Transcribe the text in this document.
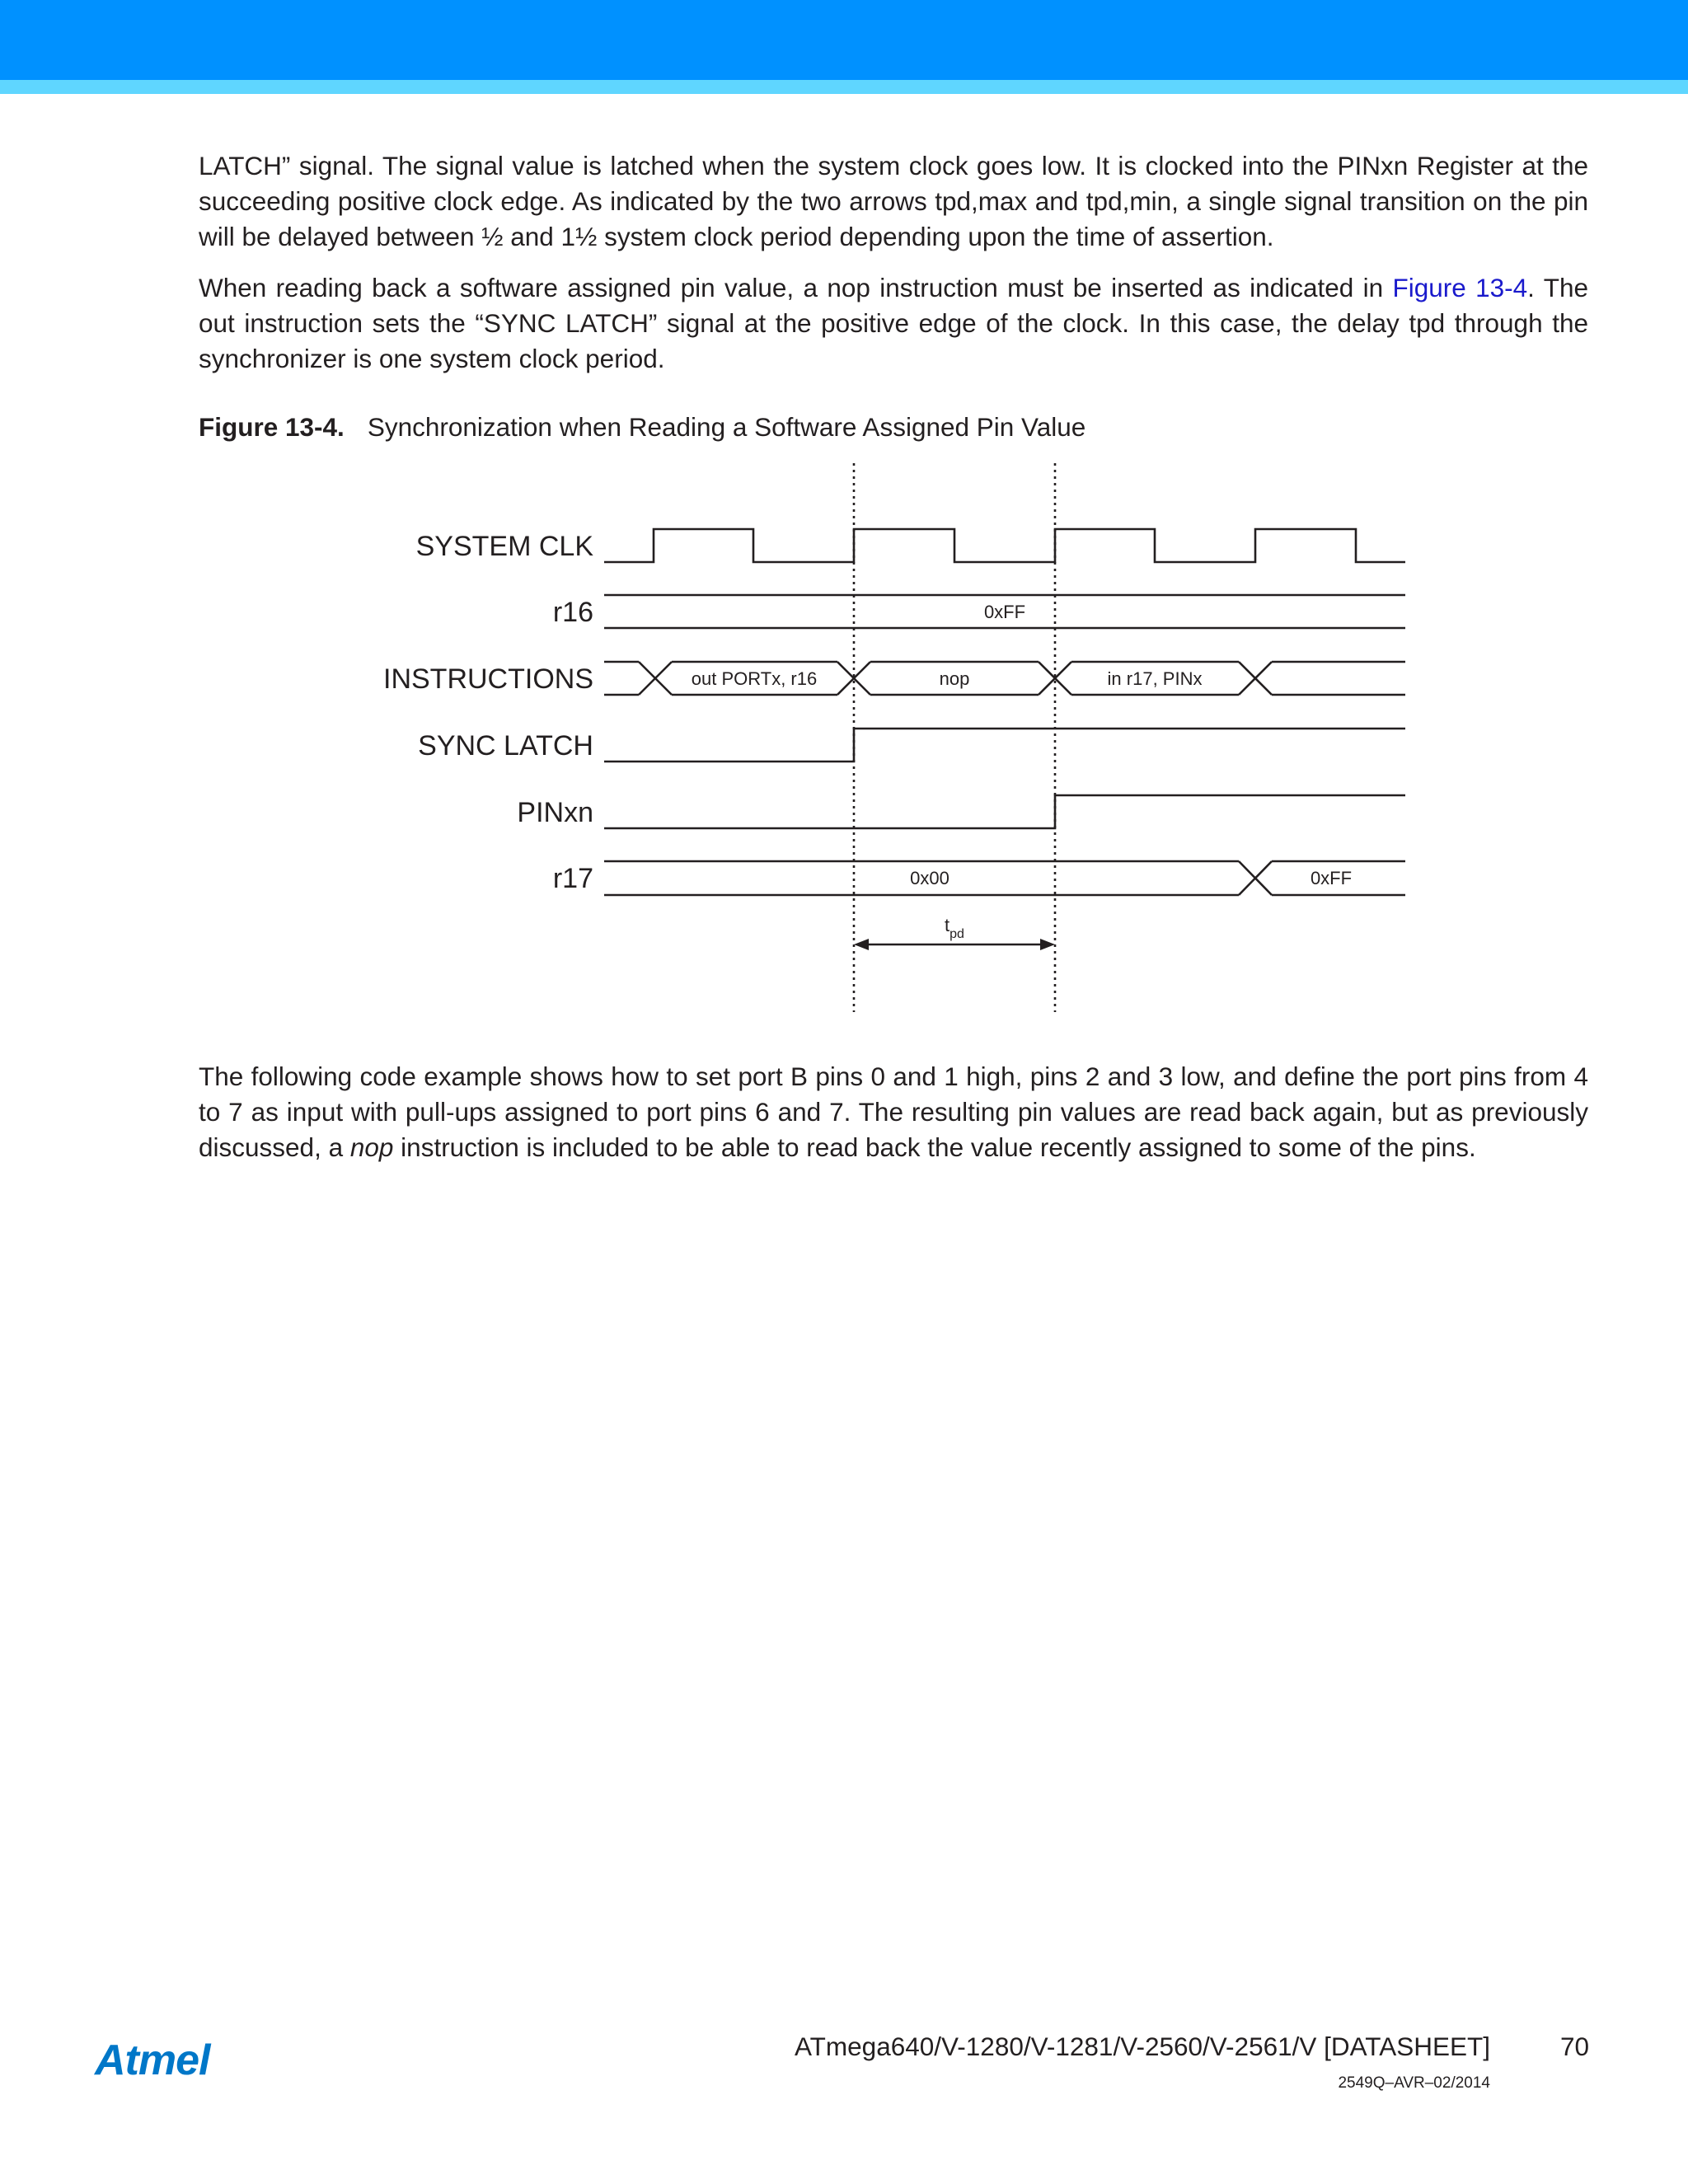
LATCH” signal. The signal value is latched when the system clock goes low. It is clocked into the PINxn Register at the succeeding positive clock edge. As indicated by the two arrows tpd,max and tpd,min, a single signal transition on the pin will be delayed between ½ and 1½ system clock period depending upon the time of assertion.

When reading back a software assigned pin value, a nop instruction must be inserted as indicated in Figure 13-4. The out instruction sets the “SYNC LATCH” signal at the positive edge of the clock. In this case, the delay tpd through the synchronizer is one system clock period.

Figure 13-4. Synchronization when Reading a Software Assigned Pin Value
SYSTEM CLK
r16
INSTRUCTIONS
SYNC LATCH
PINxn
r17
0xFF
out PORTx, r16	nop	in r17, PINx
0x00	0xFF
$t_{pd}$

The following code example shows how to set port B pins 0 and 1 high, pins 2 and 3 low, and define the port pins from 4 to 7 as input with pull-ups assigned to port pins 6 and 7. The resulting pin values are read back again, but as previously discussed, a nop instruction is included to be able to read back the value recently assigned to some of the pins.

Atmel	ATmega640/V-1280/V-1281/V-2560/V-2561/V [DATASHEET]	70
2549Q–AVR–02/2014
